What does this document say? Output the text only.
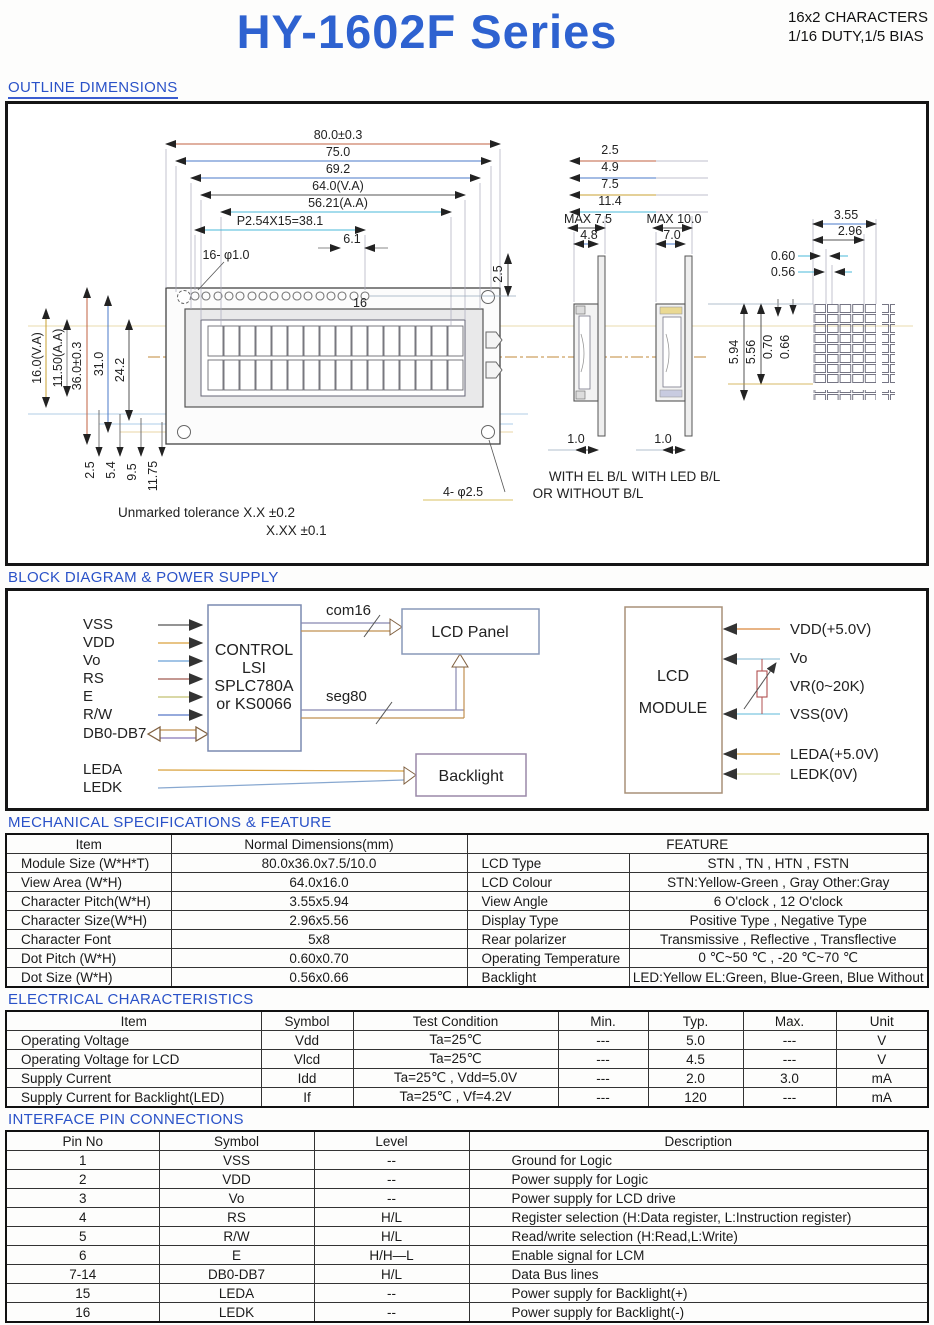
HY-1602F Series	16x2 CHARACTERS
1/16 DUTY,1/5 BIAS
OUTLINE DIMENSIONS
80.0±0.3
75.0
69.2
64.0(V.A)
56.21(A.A)
P2.54X15=38.1
6.1
16- φ1.0
16
2.5
2.5
4.9
7.5
11.4
16.0(V.A) 11.50(A.A) 36.0±0.3 31.0 24.2
2.5 5.4 9.5 11.75
4- φ2.5
Unmarked tolerance X.X ±0.2
X.XX ±0.1
MAX 7.5
4.8
1.0
WITH EL B/L
OR WITHOUT B/L
MAX 10.0
7.0
1.0
WITH LED B/L
3.55
2.96
0.60
0.56
5.94 5.56 0.70 0.66
BLOCK DIAGRAM & POWER SUPPLY
VSS
VDD
Vo
RS
E
R/W
DB0-DB7
LEDA
LEDK
CONTROL
LSI
SPLC780A
or KS0066
com16
seg80
LCD Panel
Backlight
LCD
MODULE
VDD(+5.0V)
Vo
VR(0~20K)
VSS(0V)
LEDA(+5.0V)
LEDK(0V)
MECHANICAL SPECIFICATIONS & FEATURE
Item	Normal Dimensions(mm)	FEATURE	
Module Size (W*H*T)	80.0x36.0x7.5/10.0	LCD Type	STN , TN , HTN , FSTN
View Area (W*H)	64.0x16.0	LCD Colour	STN:Yellow-Green , Gray Other:Gray
Character Pitch(W*H)	3.55x5.94	View Angle	6 O'clock , 12 O'clock
Character Size(W*H)	2.96x5.56	Display Type	Positive Type , Negative Type
Character Font	5x8	Rear polarizer	Transmissive , Reflective , Transflective
Dot Pitch (W*H)	0.60x0.70	Operating Temperature	0 ℃~50 ℃ , -20 ℃~70 ℃
Dot Size (W*H)	0.56x0.66	Backlight	LED:Yellow EL:Green, Blue-Green, Blue Without
ELECTRICAL CHARACTERISTICS
Item	Symbol	Test Condition	Min.	Typ.	Max.	Unit
Operating Voltage	Vdd	Ta=25℃	---	5.0	---	V
Operating Voltage for LCD	Vlcd	Ta=25℃	---	4.5	---	V
Supply Current	Idd	Ta=25℃ , Vdd=5.0V	---	2.0	3.0	mA
Supply Current for Backlight(LED)	If	Ta=25℃ , Vf=4.2V	---	120	---	mA
INTERFACE PIN CONNECTIONS
Pin No	Symbol	Level	Description
1	VSS	--	Ground for Logic
2	VDD	--	Power supply for Logic
3	Vo	--	Power supply for LCD drive
4	RS	H/L	Register selection (H:Data register, L:Instruction register)
5	R/W	H/L	Read/write selection (H:Read,L:Write)
6	E	H/H—L	Enable signal for LCM
7-14	DB0-DB7	H/L	Data Bus lines
15	LEDA	--	Power supply for Backlight(+)
16	LEDK	--	Power supply for Backlight(-)
